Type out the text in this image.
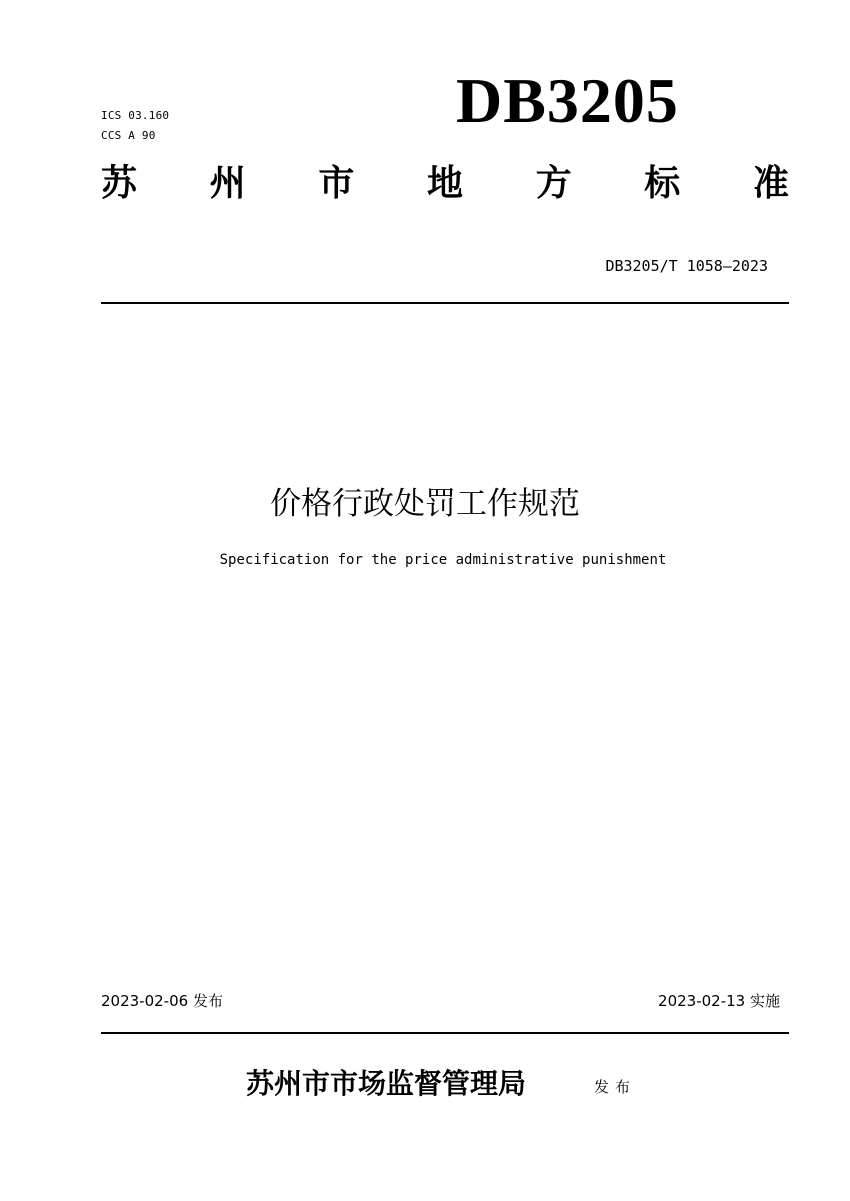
ICS 03.160
CCS A 90	DB3205
苏 州 市 地 方 标 准
DB3205/T 1058—2023
价格行政处罚工作规范
Specification for the price administrative punishment
2023-02-06 发布	2023-02-13 实施
苏州市市场监督管理局	发布
